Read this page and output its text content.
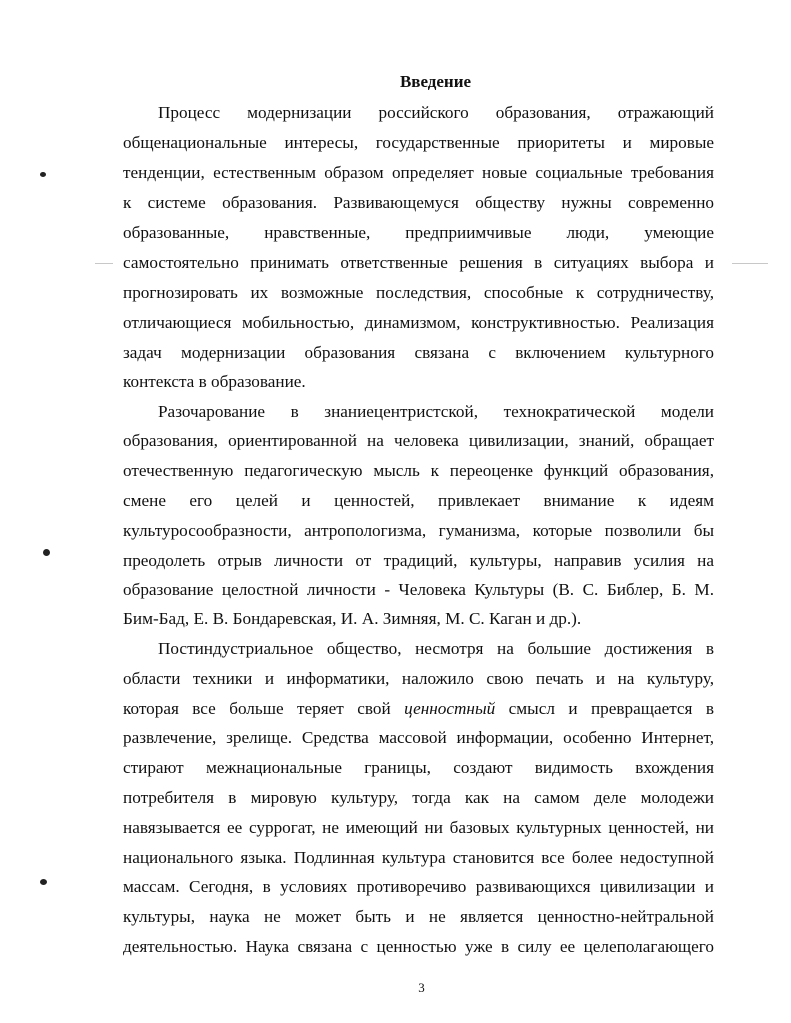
Введение
Процесс модернизации российского образования, отражающий
общенациональные интересы, государственные приоритеты и мировые
тенденции, естественным образом определяет новые социальные требования
к системе образования. Развивающемуся обществу нужны современно
образованные, нравственные, предприимчивые люди, умеющие
самостоятельно принимать ответственные решения в ситуациях выбора и
прогнозировать их возможные последствия, способные к сотрудничеству,
отличающиеся мобильностью, динамизмом, конструктивностью. Реализация
задач модернизации образования связана с включением культурного
контекста в образование.
Разочарование в знаниецентристской, технократической модели
образования, ориентированной на человека цивилизации, знаний, обращает
отечественную педагогическую мысль к переоценке функций образования,
смене его целей и ценностей, привлекает внимание к идеям
культуросообразности, антропологизма, гуманизма, которые позволили бы
преодолеть отрыв личности от традиций, культуры, направив усилия на
образование целостной личности - Человека Культуры (В. С. Библер, Б. М.
Бим-Бад, Е. В. Бондаревская, И. А. Зимняя, М. С. Каган и др.).
Постиндустриальное общество, несмотря на большие достижения в
области техники и информатики, наложило свою печать и на культуру,
которая все больше теряет свой ценностный смысл и превращается в
развлечение, зрелище. Средства массовой информации, особенно Интернет,
стирают межнациональные границы, создают видимость вхождения
потребителя в мировую культуру, тогда как на самом деле молодежи
навязывается ее суррогат, не имеющий ни базовых культурных ценностей, ни
национального языка. Подлинная культура становится все более недоступной
массам. Сегодня, в условиях противоречиво развивающихся цивилизации и
культуры, наука не может быть и не является ценностно-нейтральной
деятельностью. Наука связана с ценностью уже в силу ее целеполагающего
3
